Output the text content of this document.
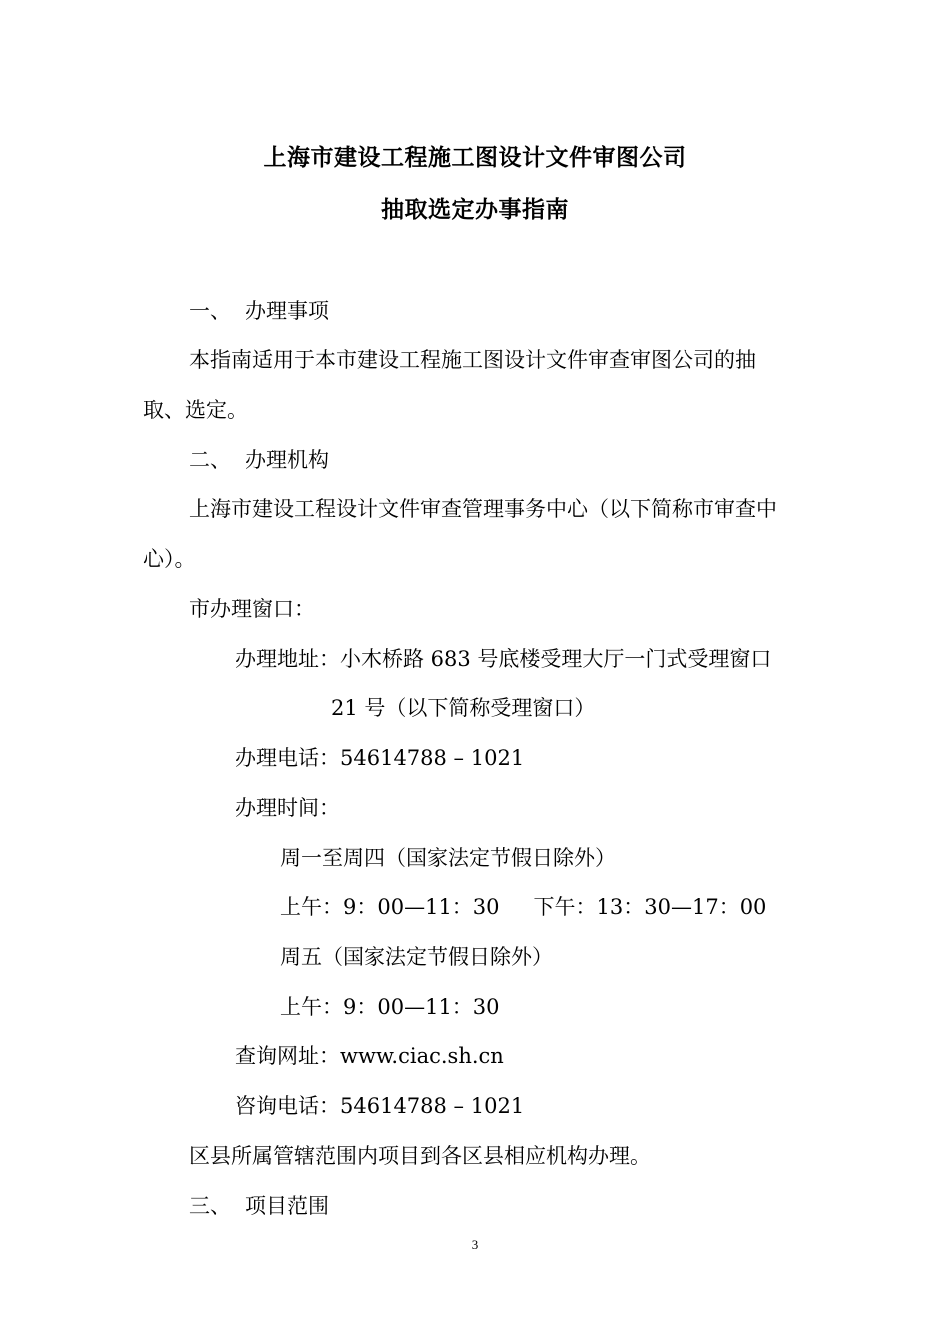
上海市建设工程施工图设计文件审图公司
抽取选定办事指南
一、 办理事项
本指南适用于本市建设工程施工图设计文件审查审图公司的抽
取、选定。
二、 办理机构
上海市建设工程设计文件审查管理事务中心（以下简称市审查中
心）。
市办理窗口：
办理地址：小木桥路 683 号底楼受理大厅一门式受理窗口
21 号（以下简称受理窗口）
办理电话：54614788 – 1021
办理时间：
周一至周四（国家法定节假日除外）
上午：9：00—11：30 下午：13：30—17：00
周五（国家法定节假日除外）
上午：9：00—11：30
查询网址：www.ciac.sh.cn
咨询电话：54614788 – 1021
区县所属管辖范围内项目到各区县相应机构办理。
三、 项目范围
3
